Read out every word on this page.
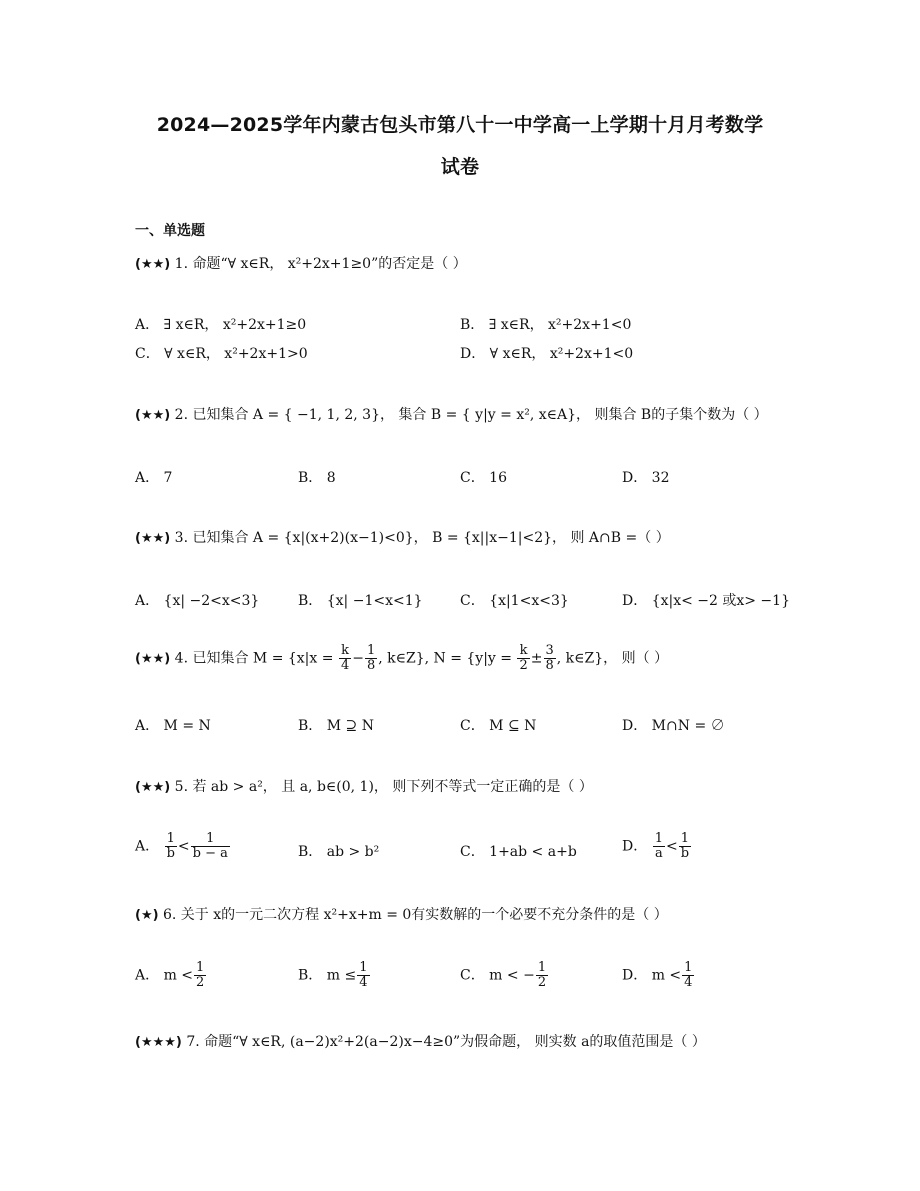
2024—2025学年内蒙古包头市第八十一中学高一上学期十月月考数学
试卷
一、单选题
(★★) 1. 命题“∀ x∈R， x²+2x+1≥0”的否定是（ ）
A． ∃ x∈R， x²+2x+1≥0	B． ∃ x∈R， x²+2x+1<0
C． ∀ x∈R， x²+2x+1>0	D． ∀ x∈R， x²+2x+1<0
(★★) 2. 已知集合 A = { −1, 1, 2, 3}， 集合 B = { y|y = x², x∈A}， 则集合 B的子集个数为（ ）
A． 7	B． 8	C． 16	D． 32
(★★) 3. 已知集合 A = {x|(x+2)(x−1)<0}， B = {x||x−1|<2}， 则 A∩B =（ ）
A． {x| −2<x<3}	B． {x| −1<x<1}	C． {x|1<x<3}	D． {x|x< −2 或x> −1}
(★★) 4. 已知集合 $M = \{x|x = \frac{k}{4} - \frac{1}{8}$ , k∈Z}, $N = \{y|y = \frac{k}{2} \pm \frac{3}{8}$ , k∈Z}， 则（ ）
A． M = N	B． M ⊇ N	C． M ⊆ N	D． M∩N = ∅
(★★) 5. 若 ab > a²， 且 a, b∈(0, 1)， 则下列不等式一定正确的是（ ）
A． $\frac{1}{b} < \frac{1}{b - a}$	B． ab > b²	C． 1+ab < a+b	D． $\frac{1}{a} < \frac{1}{b}$
(★) 6. 关于 x的一元二次方程 x²+x+m = 0有实数解的一个必要不充分条件的是（ ）
A． $m < \frac{1}{2}$	B． $m \le \frac{1}{4}$	C． m < − $\frac{1}{2}$	D． $m < \frac{1}{4}$
(★★★) 7. 命题“∀ x∈R, (a−2)x²+2(a−2)x−4≥0”为假命题， 则实数 a的取值范围是（ ）
